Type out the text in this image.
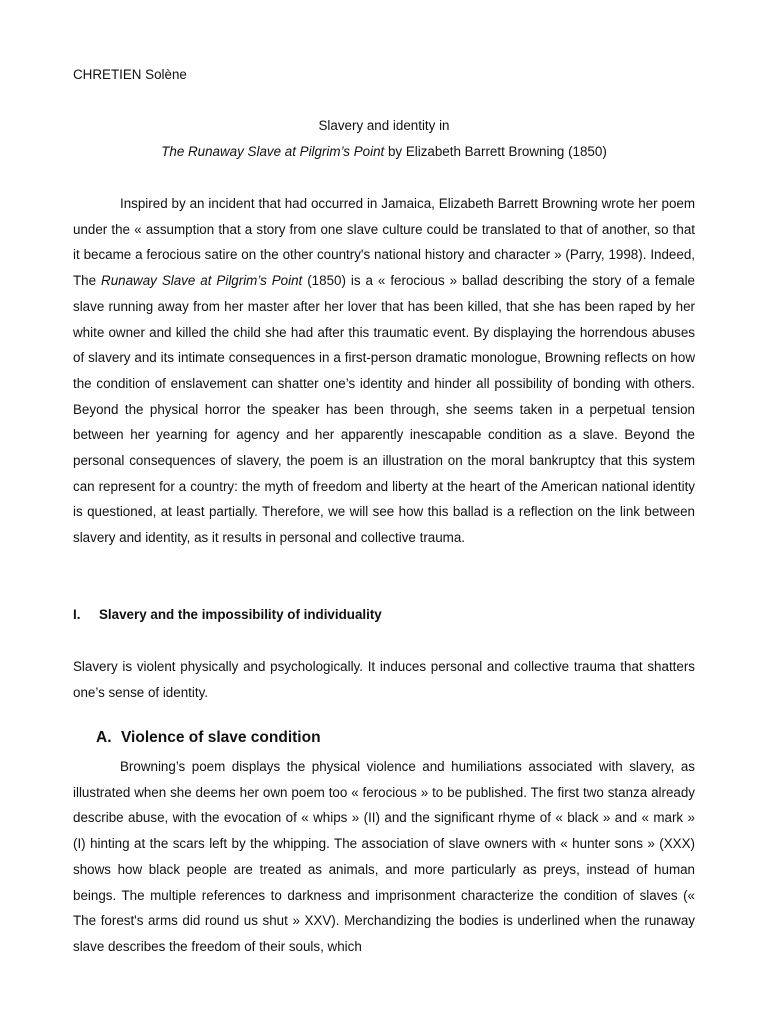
CHRETIEN Solène
Slavery and identity in
The Runaway Slave at Pilgrim’s Point by Elizabeth Barrett Browning (1850)

Inspired by an incident that had occurred in Jamaica, Elizabeth Barrett Browning wrote her poem under the « assumption that a story from one slave culture could be translated to that of another, so that it became a ferocious satire on the other country's national history and character » (Parry, 1998). Indeed, The Runaway Slave at Pilgrim’s Point (1850) is a « ferocious » ballad describing the story of a female slave running away from her master after her lover that has been killed, that she has been raped by her white owner and killed the child she had after this traumatic event. By displaying the horrendous abuses of slavery and its intimate consequences in a first-person dramatic monologue, Browning reflects on how the condition of enslavement can shatter one’s identity and hinder all possibility of bonding with others. Beyond the physical horror the speaker has been through, she seems taken in a perpetual tension between her yearning for agency and her apparently inescapable condition as a slave. Beyond the personal consequences of slavery, the poem is an illustration on the moral bankruptcy that this system can represent for a country: the myth of freedom and liberty at the heart of the American national identity is questioned, at least partially. Therefore, we will see how this ballad is a reflection on the link between slavery and identity, as it results in personal and collective trauma.

I. Slavery and the impossibility of individuality

Slavery is violent physically and psychologically. It induces personal and collective trauma that shatters one’s sense of identity.

A. Violence of slave condition

Browning’s poem displays the physical violence and humiliations associated with slavery, as illustrated when she deems her own poem too « ferocious » to be published. The first two stanza already describe abuse, with the evocation of « whips » (II) and the significant rhyme of « black » and « mark » (I) hinting at the scars left by the whipping. The association of slave owners with « hunter sons » (XXX) shows how black people are treated as animals, and more particularly as preys, instead of human beings. The multiple references to darkness and imprisonment characterize the condition of slaves (« The forest's arms did round us shut » XXV). Merchandizing the bodies is underlined when the runaway slave describes the freedom of their souls, which
